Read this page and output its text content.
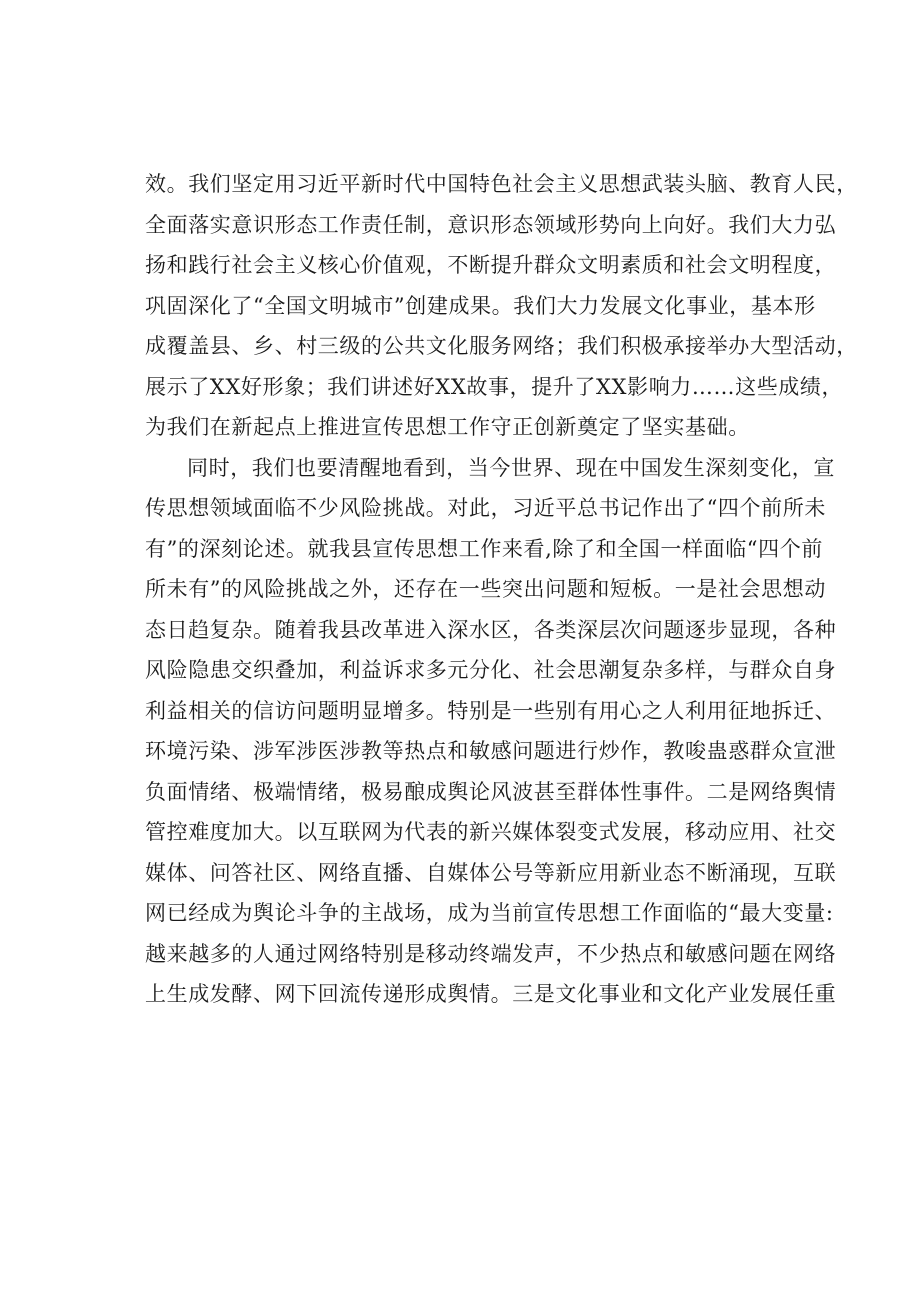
效。我们坚定用习近平新时代中国特色社会主义思想武装头脑、教育人民，
全面落实意识形态工作责任制，意识形态领域形势向上向好。我们大力弘
扬和践行社会主义核心价值观，不断提升群众文明素质和社会文明程度，
巩固深化了“全国文明城市”创建成果。我们大力发展文化事业，基本形
成覆盖县、乡、村三级的公共文化服务网络；我们积极承接举办大型活动，
展示了XX好形象；我们讲述好XX故事，提升了XX影响力……这些成绩，
为我们在新起点上推进宣传思想工作守正创新奠定了坚实基础。
同时，我们也要清醒地看到，当今世界、现在中国发生深刻变化，宣
传思想领域面临不少风险挑战。对此，习近平总书记作出了“四个前所未
有”的深刻论述。就我县宣传思想工作来看,除了和全国一样面临“四个前
所未有”的风险挑战之外，还存在一些突出问题和短板。一是社会思想动
态日趋复杂。随着我县改革进入深水区，各类深层次问题逐步显现，各种
风险隐患交织叠加，利益诉求多元分化、社会思潮复杂多样，与群众自身
利益相关的信访问题明显增多。特别是一些别有用心之人利用征地拆迁、
环境污染、涉军涉医涉教等热点和敏感问题进行炒作，教唆蛊惑群众宣泄
负面情绪、极端情绪，极易酿成舆论风波甚至群体性事件。二是网络舆情
管控难度加大。以互联网为代表的新兴媒体裂变式发展，移动应用、社交
媒体、问答社区、网络直播、自媒体公号等新应用新业态不断涌现，互联
网已经成为舆论斗争的主战场，成为当前宣传思想工作面临的“最大变量:
越来越多的人通过网络特别是移动终端发声，不少热点和敏感问题在网络
上生成发酵、网下回流传递形成舆情。三是文化事业和文化产业发展任重
